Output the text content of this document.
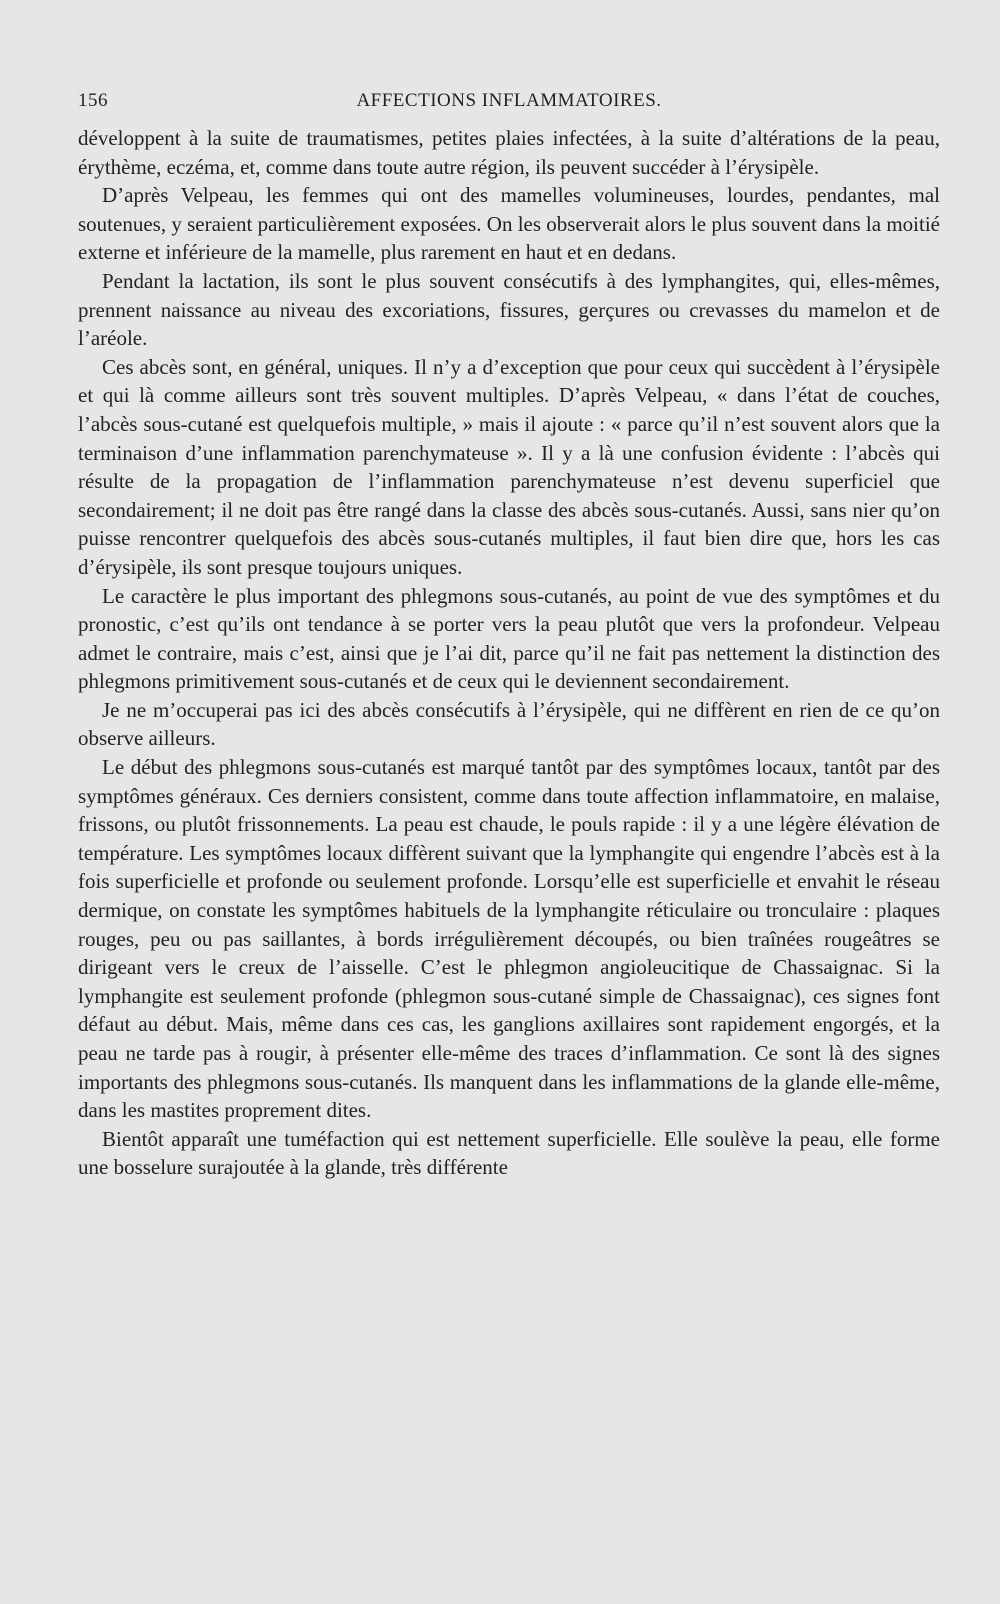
156	AFFECTIONS INFLAMMATOIRES.

développent à la suite de traumatismes, petites plaies infectées, à la suite d’altérations de la peau, érythème, eczéma, et, comme dans toute autre région, ils peuvent succéder à l’érysipèle.

D’après Velpeau, les femmes qui ont des mamelles volumineuses, lourdes, pendantes, mal soutenues, y seraient particulièrement exposées. On les observerait alors le plus souvent dans la moitié externe et inférieure de la mamelle, plus rarement en haut et en dedans.

Pendant la lactation, ils sont le plus souvent consécutifs à des lymphangites, qui, elles-mêmes, prennent naissance au niveau des excoriations, fissures, gerçures ou crevasses du mamelon et de l’aréole.

Ces abcès sont, en général, uniques. Il n’y a d’exception que pour ceux qui succèdent à l’érysipèle et qui là comme ailleurs sont très souvent multiples. D’après Velpeau, « dans l’état de couches, l’abcès sous-cutané est quelquefois multiple, » mais il ajoute : « parce qu’il n’est souvent alors que la terminaison d’une inflammation parenchymateuse ». Il y a là une confusion évidente : l’abcès qui résulte de la propagation de l’inflammation parenchymateuse n’est devenu superficiel que secondairement; il ne doit pas être rangé dans la classe des abcès sous-cutanés. Aussi, sans nier qu’on puisse rencontrer quelquefois des abcès sous-cutanés multiples, il faut bien dire que, hors les cas d’érysipèle, ils sont presque toujours uniques.

Le caractère le plus important des phlegmons sous-cutanés, au point de vue des symptômes et du pronostic, c’est qu’ils ont tendance à se porter vers la peau plutôt que vers la profondeur. Velpeau admet le contraire, mais c’est, ainsi que je l’ai dit, parce qu’il ne fait pas nettement la distinction des phlegmons primitivement sous-cutanés et de ceux qui le deviennent secondairement.

Je ne m’occuperai pas ici des abcès consécutifs à l’érysipèle, qui ne diffèrent en rien de ce qu’on observe ailleurs.

Le début des phlegmons sous-cutanés est marqué tantôt par des symptômes locaux, tantôt par des symptômes généraux. Ces derniers consistent, comme dans toute affection inflammatoire, en malaise, frissons, ou plutôt frissonnements. La peau est chaude, le pouls rapide : il y a une légère élévation de température. Les symptômes locaux diffèrent suivant que la lymphangite qui engendre l’abcès est à la fois superficielle et profonde ou seulement profonde. Lorsqu’elle est superficielle et envahit le réseau dermique, on constate les symptômes habituels de la lymphangite réticulaire ou tronculaire : plaques rouges, peu ou pas saillantes, à bords irrégulièrement découpés, ou bien traînées rougeâtres se dirigeant vers le creux de l’aisselle. C’est le phlegmon angioleucitique de Chassaignac. Si la lymphangite est seulement profonde (phlegmon sous-cutané simple de Chassaignac), ces signes font défaut au début. Mais, même dans ces cas, les ganglions axillaires sont rapidement engorgés, et la peau ne tarde pas à rougir, à présenter elle-même des traces d’inflammation. Ce sont là des signes importants des phlegmons sous-cutanés. Ils manquent dans les inflammations de la glande elle-même, dans les mastites proprement dites.

Bientôt apparaît une tuméfaction qui est nettement superficielle. Elle soulève la peau, elle forme une bosselure surajoutée à la glande, très différente
